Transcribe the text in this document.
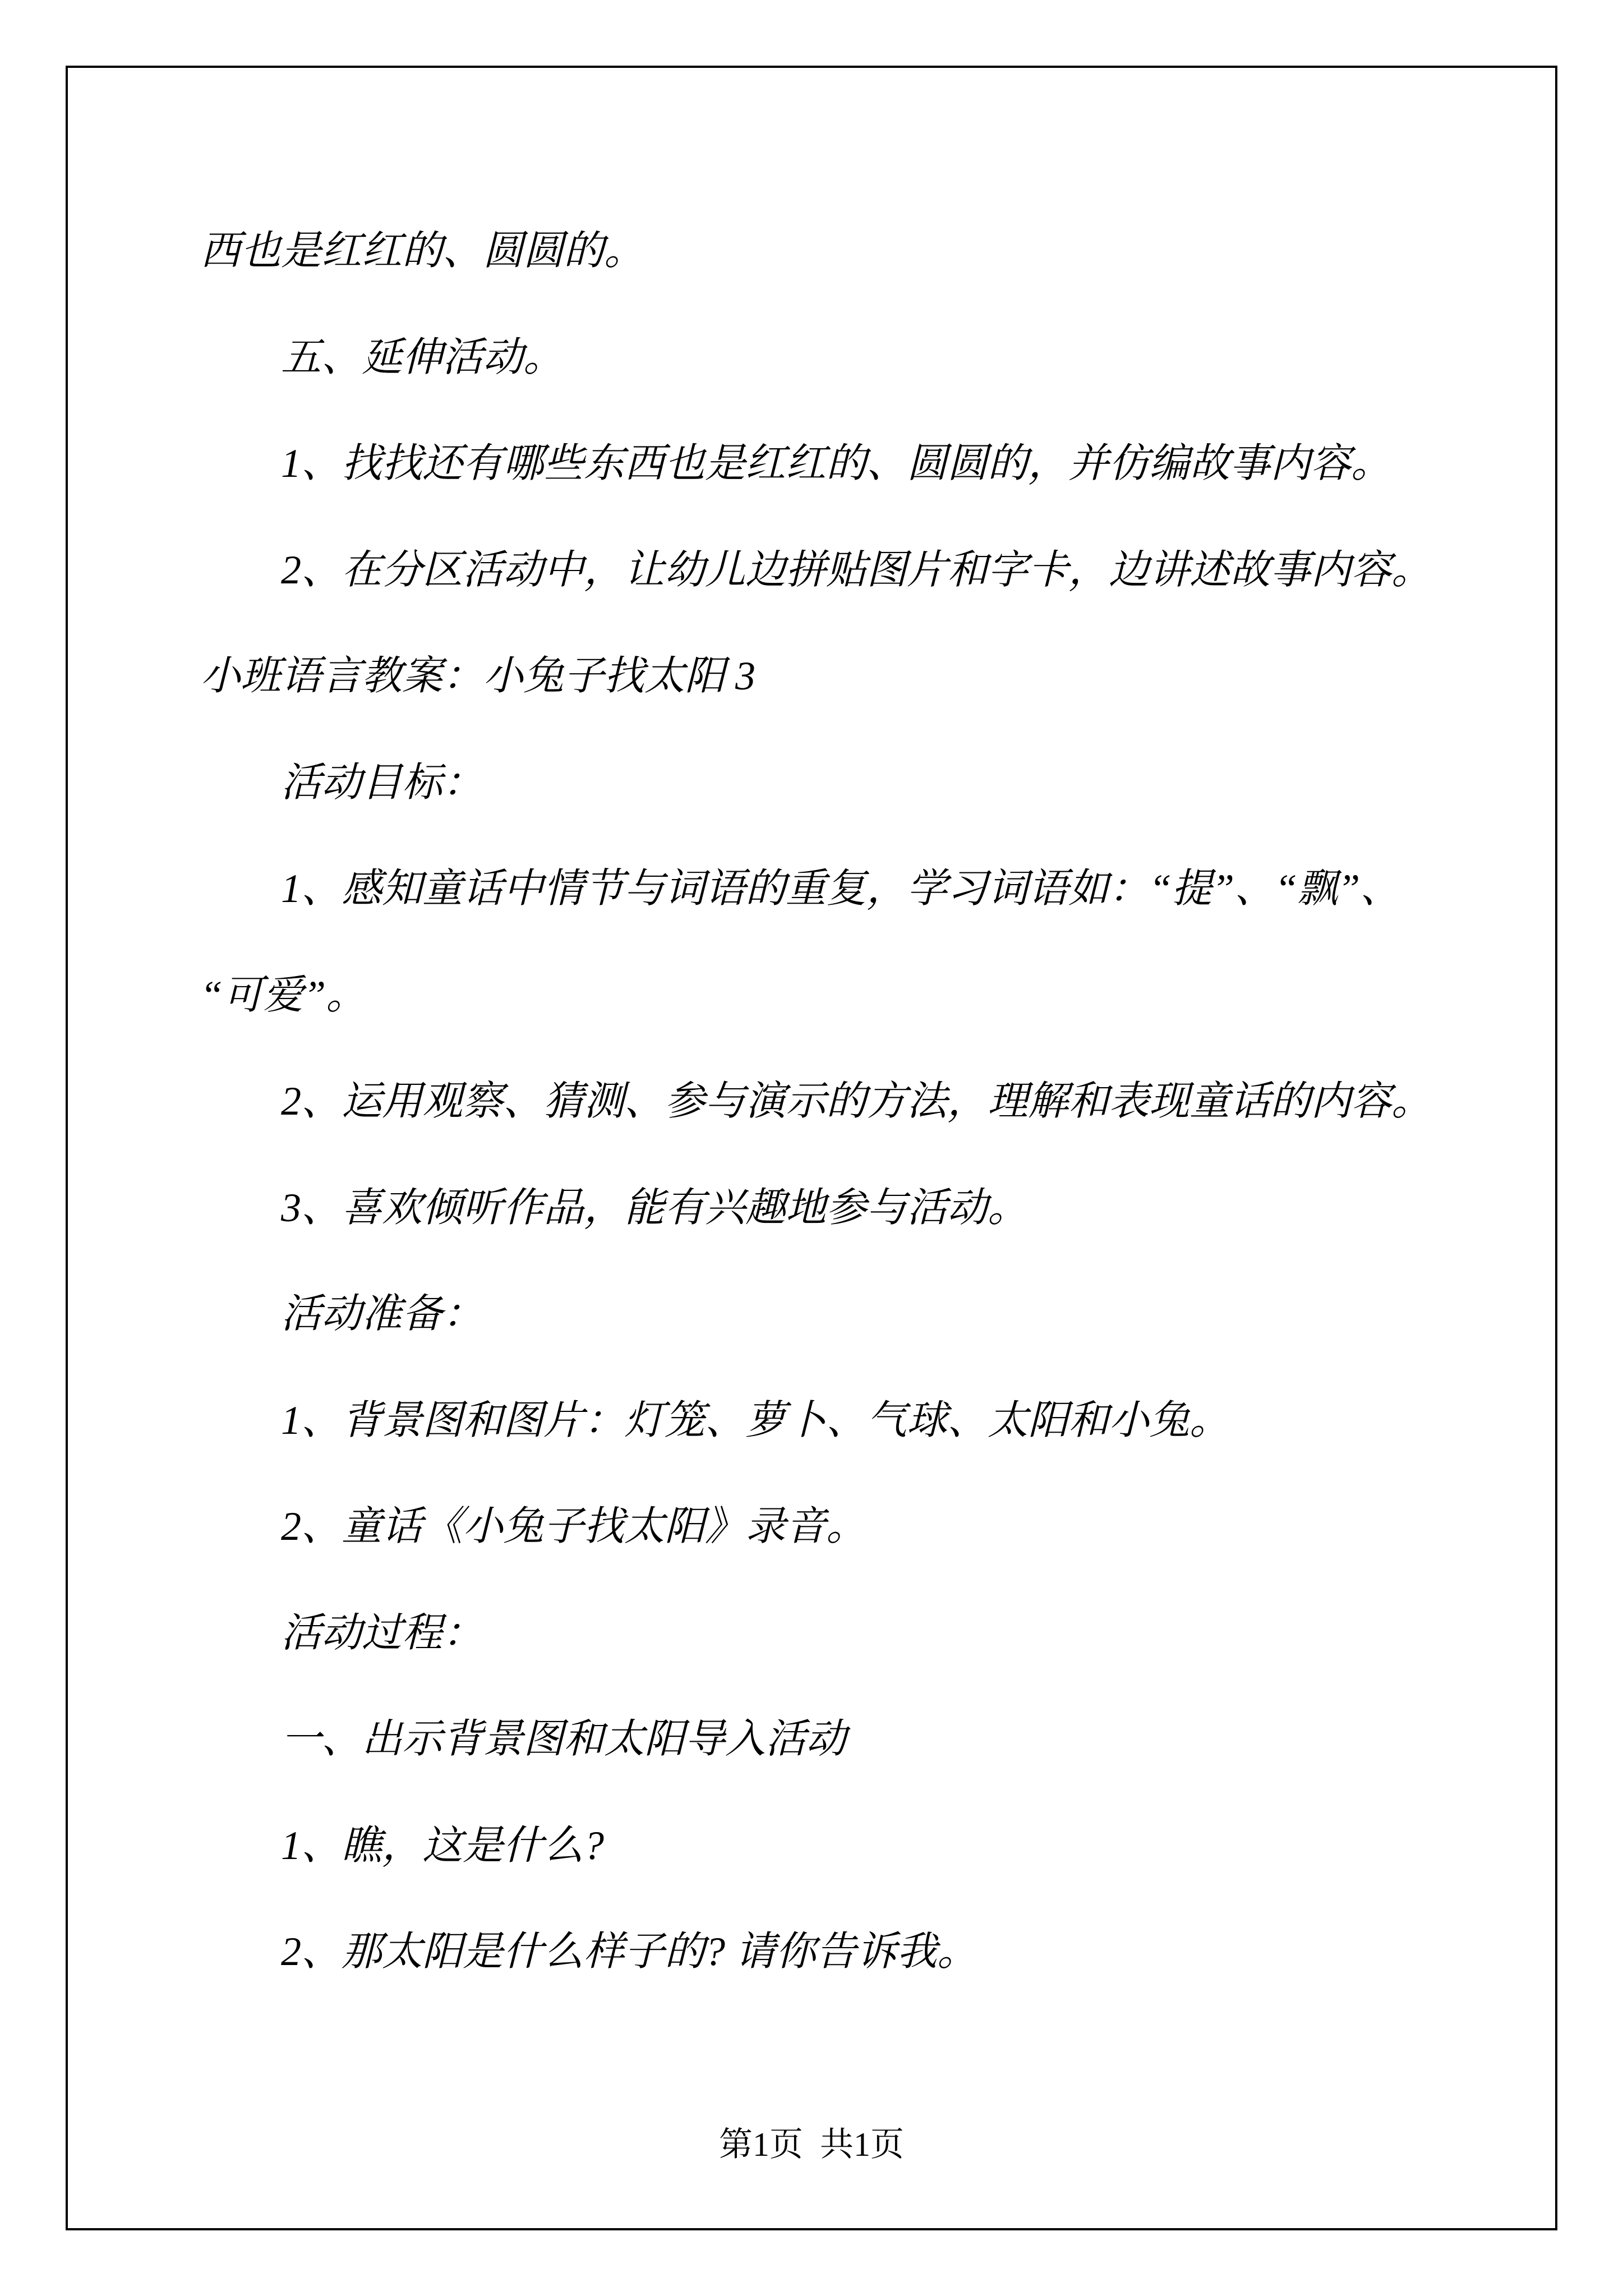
西也是红红的、圆圆的。
五、延伸活动。
1、找找还有哪些东西也是红红的、圆圆的，并仿编故事内容。
2、在分区活动中，让幼儿边拼贴图片和字卡，边讲述故事内容。
小班语言教案：小兔子找太阳 3
活动目标：
1、感知童话中情节与词语的重复，学习词语如：“提”、“飘”、
“可爱”。
2、运用观察、猜测、参与演示的方法，理解和表现童话的内容。
3、喜欢倾听作品，能有兴趣地参与活动。
活动准备：
1、背景图和图片：灯笼、萝卜、气球、太阳和小兔。
2、童话《小兔子找太阳》录音。
活动过程：
一、出示背景图和太阳导入活动
1、瞧，这是什么?
2、那太阳是什么样子的? 请你告诉我。
第1页  共1页
